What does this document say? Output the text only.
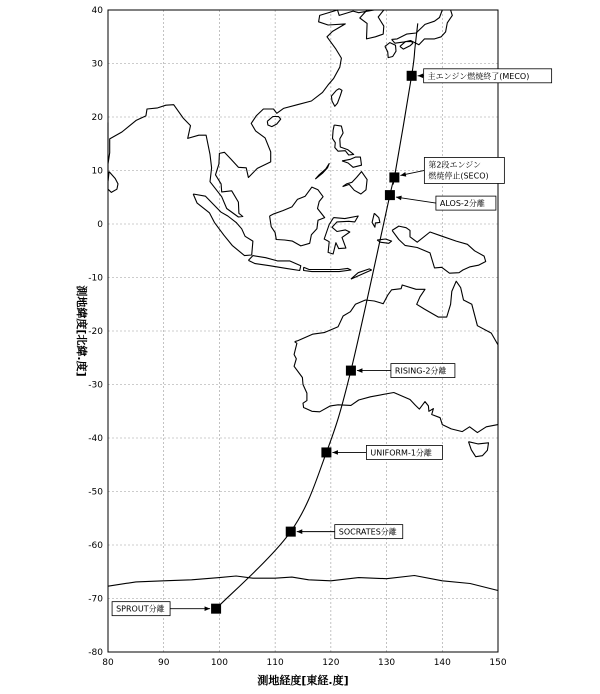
80	90	100	110	120	130	140	150
40
30
20
10
0
-10
-20
-30
-40
-50
-60
-70
-80
主エンジン燃焼終了(MECO)
第2段エンジン
燃焼停止(SECO)
ALOS-2分離
RISING-2分離
UNIFORM-1分離
SOCRATES分離
SPROUT分離
測地経度[東経.度]
測地緯度[北緯.度]
